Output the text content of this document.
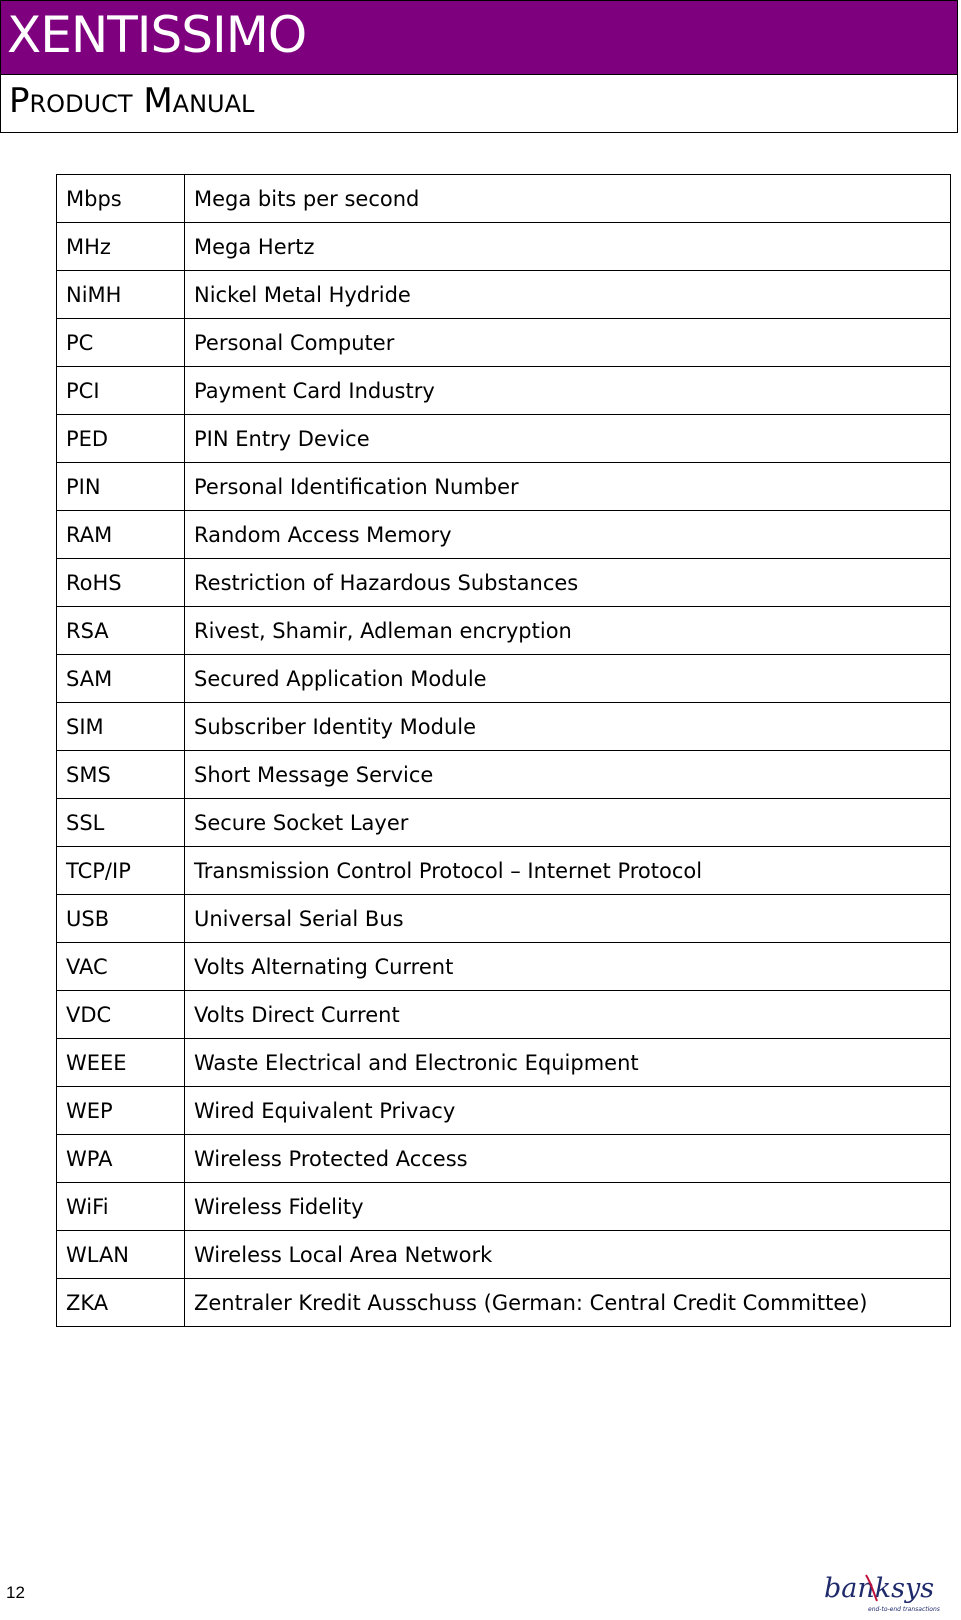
XENTISSIMO
Product Manual
Mbps	Mega bits per second
MHz	Mega Hertz
NiMH	Nickel Metal Hydride
PC	Personal Computer
PCI	Payment Card Industry
PED	PIN Entry Device
PIN	Personal Identification Number
RAM	Random Access Memory
RoHS	Restriction of Hazardous Substances
RSA	Rivest, Shamir, Adleman encryption
SAM	Secured Application Module
SIM	Subscriber Identity Module
SMS	Short Message Service
SSL	Secure Socket Layer
TCP/IP	Transmission Control Protocol – Internet Protocol
USB	Universal Serial Bus
VAC	Volts Alternating Current
VDC	Volts Direct Current
WEEE	Waste Electrical and Electronic Equipment
WEP	Wired Equivalent Privacy
WPA	Wireless Protected Access
WiFi	Wireless Fidelity
WLAN	Wireless Local Area Network
ZKA	Zentraler Kredit Ausschuss (German: Central Credit Committee)
12	banksys
end-to-end transactions
